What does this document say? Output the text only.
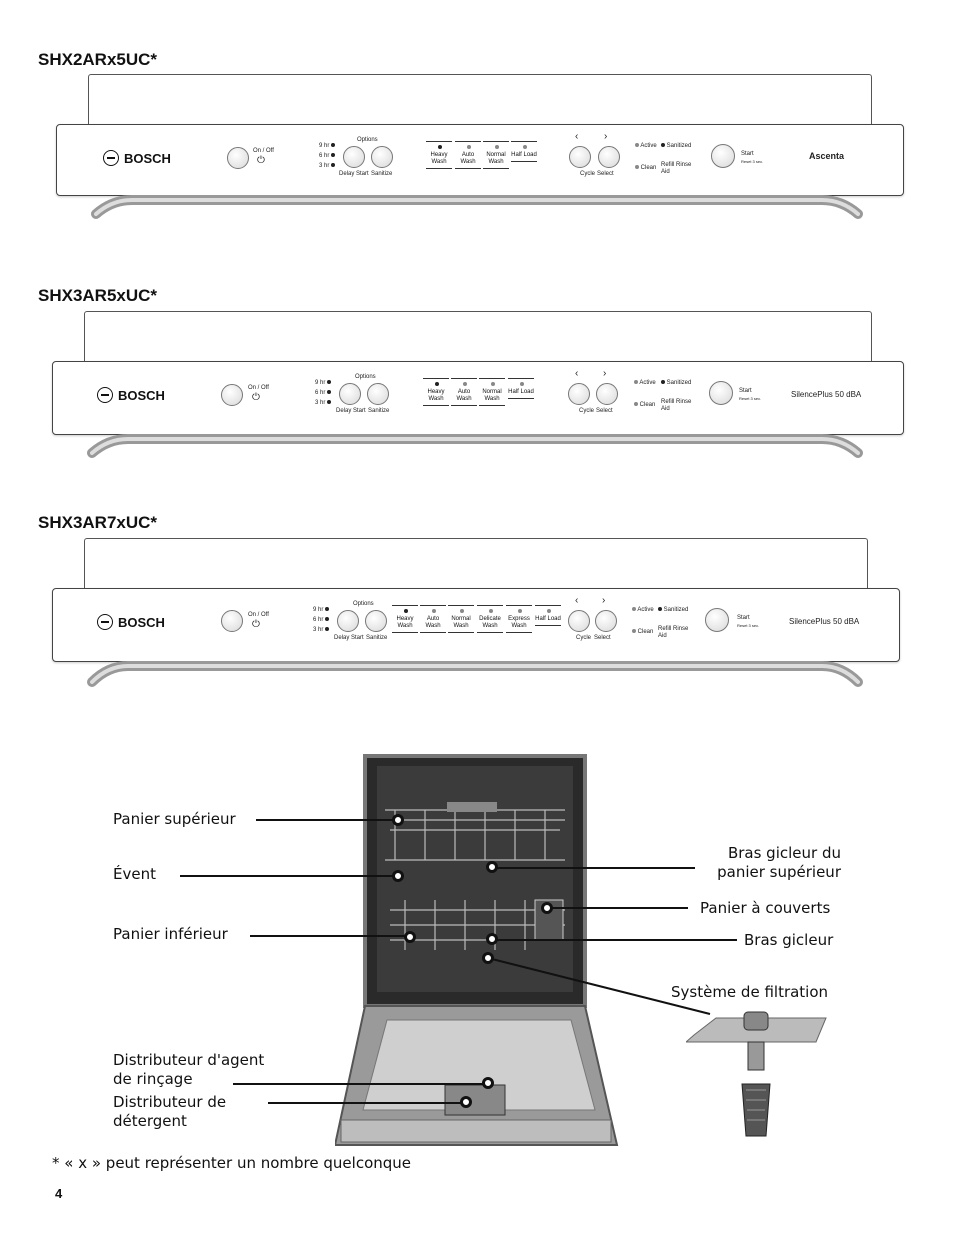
SHX2ARx5UC*
BOSCH	On / Off
⏻
9 hr
6 hr
3 hr
Options
Delay Start Sanitize
Heavy Wash
Auto Wash
Normal Wash
Half Load
‹	›
Cycle Select
Active	Sanitized
Clean Refill Rinse Aid
Start
Reset 3 sec.
Ascenta
SHX3AR5xUC*
BOSCH	On / Off
⏻
9 hr
6 hr
3 hr
Options
Delay Start Sanitize
Heavy Wash
Auto Wash
Normal Wash
Half Load
‹ ›
Cycle Select
Active	Sanitized
Clean Refill Rinse Aid
Start
Reset 3 sec.	SilencePlus 50 dBA
SHX3AR7xUC*
BOSCH	On / Off
⏻
9 hr
6 hr
3 hr
Options
Delay Start Sanitize
Heavy Wash
Auto Wash
Normal Wash
Delicate Wash
Express Wash
Half Load
‹ ›
Cycle Select
Active	Sanitized
Clean Refill Rinse Aid
Start
Reset 3 sec.	SilencePlus 50 dBA
Panier supérieur
Évent
Panier inférieur
Bras gicleur du
panier supérieur
Panier à couverts
Bras gicleur
Système de filtration
Distributeur d'agent
de rinçage
Distributeur de
détergent
* « x » peut représenter un nombre quelconque
4
